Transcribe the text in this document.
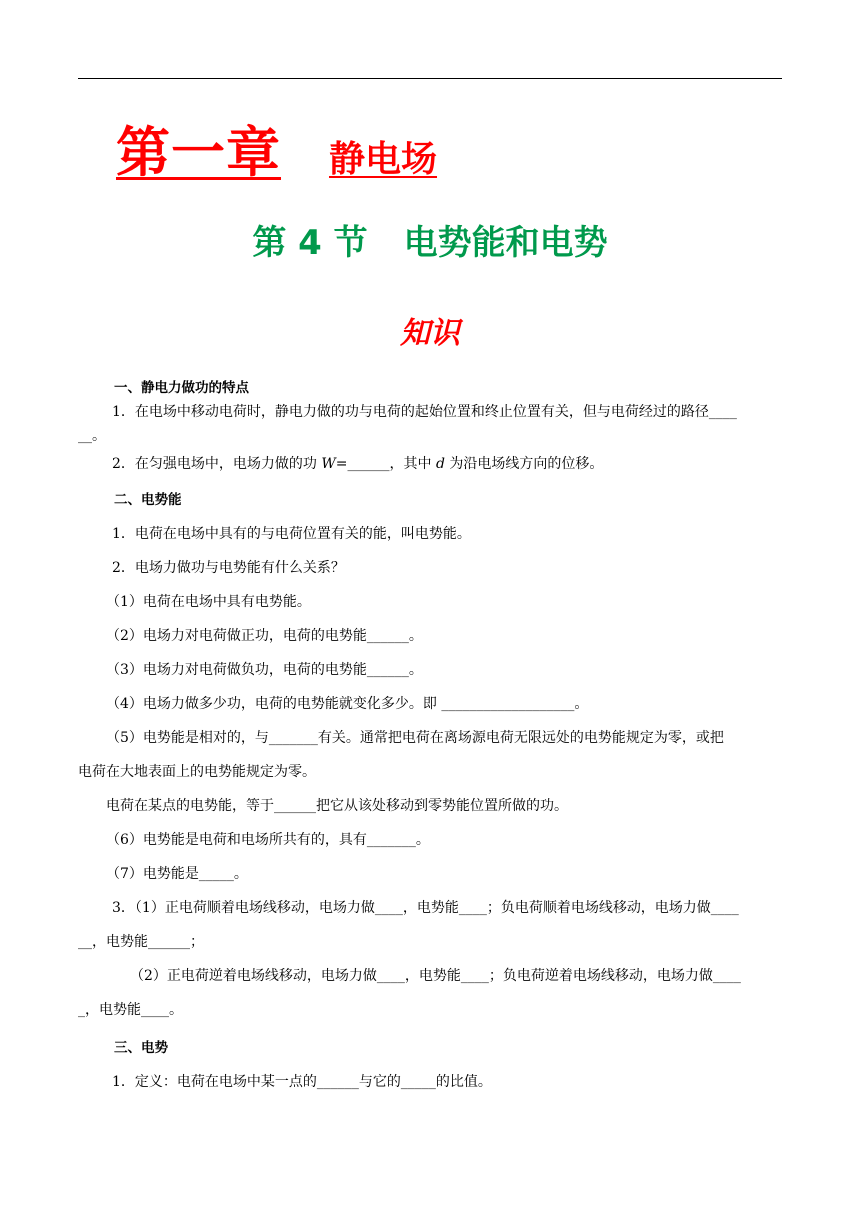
第一章 静电场
第 4 节 电势能和电势
知识

一、静电力做功的特点

1．在电场中移动电荷时，静电力做的功与电荷的起始位置和终止位置有关，但与电荷经过的路径____

__。

2．在匀强电场中，电场力做的功 W=______，其中 d 为沿电场线方向的位移。

二、电势能

1．电荷在电场中具有的与电荷位置有关的能，叫电势能。

2．电场力做功与电势能有什么关系？

（1）电荷在电场中具有电势能。

（2）电场力对电荷做正功，电荷的电势能______。

（3）电场力对电荷做负功，电荷的电势能______。

（4）电场力做多少功，电荷的电势能就变化多少。即 ___________________。

（5）电势能是相对的，与_______有关。通常把电荷在离场源电荷无限远处的电势能规定为零，或把

电荷在大地表面上的电势能规定为零。

电荷在某点的电势能，等于______把它从该处移动到零势能位置所做的功。

（6）电势能是电荷和电场所共有的，具有_______。

（7）电势能是_____。

3．（1）正电荷顺着电场线移动，电场力做____，电势能____；负电荷顺着电场线移动，电场力做____

__，电势能______；

（2）正电荷逆着电场线移动，电场力做____，电势能____；负电荷逆着电场线移动，电场力做____

_，电势能____。

三、电势

1．定义：电荷在电场中某一点的______与它的_____的比值。
